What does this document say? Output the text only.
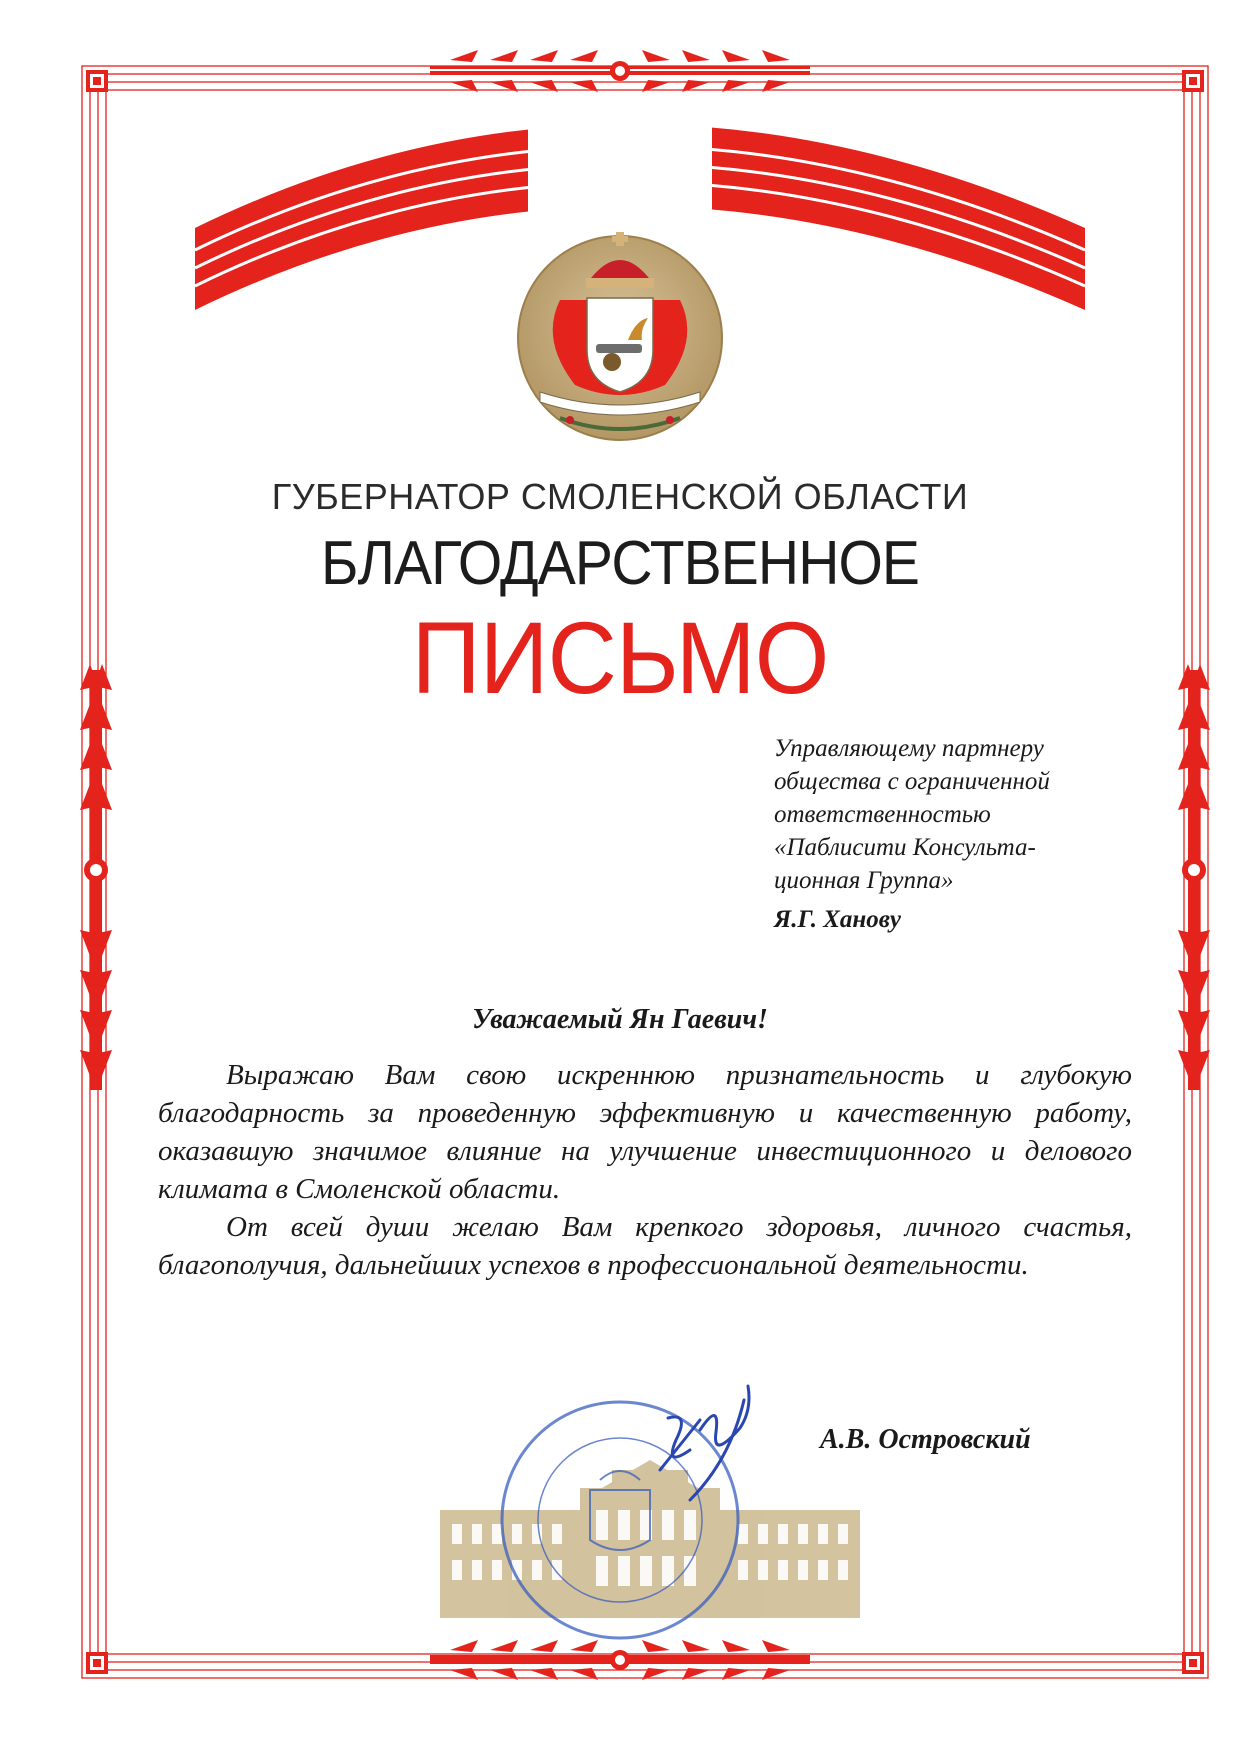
ГУБЕРНАТОР СМОЛЕНСКОЙ ОБЛАСТИ
БЛАГОДАРСТВЕННОЕ
ПИСЬМО
Управляющему партнеру
общества с ограниченной
ответственностью
«Паблисити Консульта-
ционная Группа»
Я.Г. Ханову
Уважаемый Ян Гаевич!

Выражаю Вам свою искреннюю признательность и глубокую благодарность за проведенную эффективную и качественную работу, оказавшую значимое влияние на улучшение инвестиционного и делового климата в Смоленской области.

От всей души желаю Вам крепкого здоровья, личного счастья, благополучия, дальнейших успехов в профессиональной деятельности.

А.В. Островский
